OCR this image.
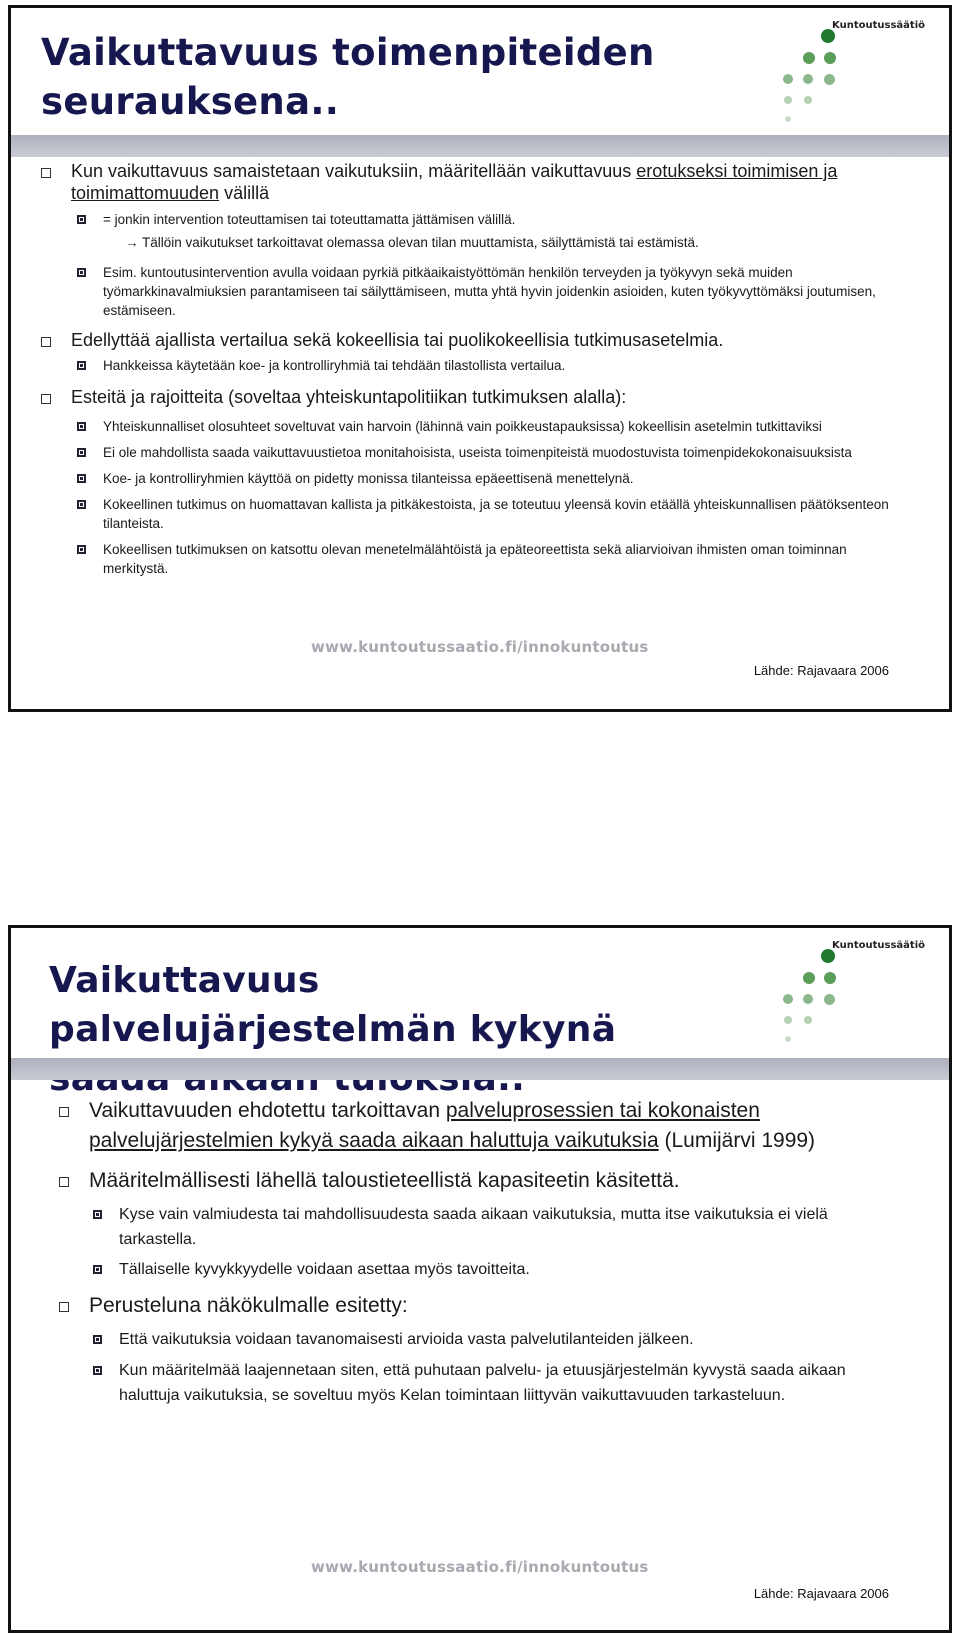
Vaikuttavuus toimenpiteiden seurauksena..
Kuntoutussäätiö
Kun vaikuttavuus samaistetaan vaikutuksiin, määritellään vaikuttavuus erotukseksi toimimisen ja toimimattomuuden välillä
= jonkin intervention toteuttamisen tai toteuttamatta jättämisen välillä.
→ Tällöin vaikutukset tarkoittavat olemassa olevan tilan muuttamista, säilyttämistä tai estämistä.
Esim. kuntoutusintervention avulla voidaan pyrkiä pitkäaikaistyöttömän henkilön terveyden ja työkyvyn sekä muiden työmarkkinavalmiuksien parantamiseen tai säilyttämiseen, mutta yhtä hyvin joidenkin asioiden, kuten työkyvyttömäksi joutumisen, estämiseen.
Edellyttää ajallista vertailua sekä kokeellisia tai puolikokeellisia tutkimusasetelmia.
Hankkeissa käytetään koe- ja kontrolliryhmiä tai tehdään tilastollista vertailua.
Esteitä ja rajoitteita (soveltaa yhteiskuntapolitiikan tutkimuksen alalla):
Yhteiskunnalliset olosuhteet soveltuvat vain harvoin (lähinnä vain poikkeustapauksissa) kokeellisin asetelmin tutkittaviksi
Ei ole mahdollista saada vaikuttavuustietoa monitahoisista, useista toimenpiteistä muodostuvista toimenpidekokonaisuuksista
Koe- ja kontrolliryhmien käyttöä on pidetty monissa tilanteissa epäeettisenä menettelynä.
Kokeellinen tutkimus on huomattavan kallista ja pitkäkestoista, ja se toteutuu yleensä kovin etäällä yhteiskunnallisen päätöksenteon tilanteista.
Kokeellisen tutkimuksen on katsottu olevan menetelmälähtöistä ja epäteoreettista sekä aliarvioivan ihmisten oman toiminnan merkitystä.
www.kuntoutussaatio.fi/innokuntoutus
Lähde: Rajavaara 2006
Vaikuttavuus palvelujärjestelmän kykynä
Kuntoutussäätiö
Vaikuttavuuden ehdotettu tarkoittavan palveluprosessien tai kokonaisten palvelujärjestelmien kykyä saada aikaan haluttuja vaikutuksia (Lumijärvi 1999)
Määritelmällisesti lähellä taloustieteellistä kapasiteetin käsitettä.
Kyse vain valmiudesta tai mahdollisuudesta saada aikaan vaikutuksia, mutta itse vaikutuksia ei vielä tarkastella.
Tällaiselle kyvykkyydelle voidaan asettaa myös tavoitteita.
Perusteluna näkökulmalle esitetty:
Että vaikutuksia voidaan tavanomaisesti arvioida vasta palvelutilanteiden jälkeen.
Kun määritelmää laajennetaan siten, että puhutaan palvelu- ja etuusjärjestelmän kyvystä saada aikaan haluttuja vaikutuksia, se soveltuu myös Kelan toimintaan liittyvän vaikuttavuuden tarkasteluun.
www.kuntoutussaatio.fi/innokuntoutus
Lähde: Rajavaara 2006
